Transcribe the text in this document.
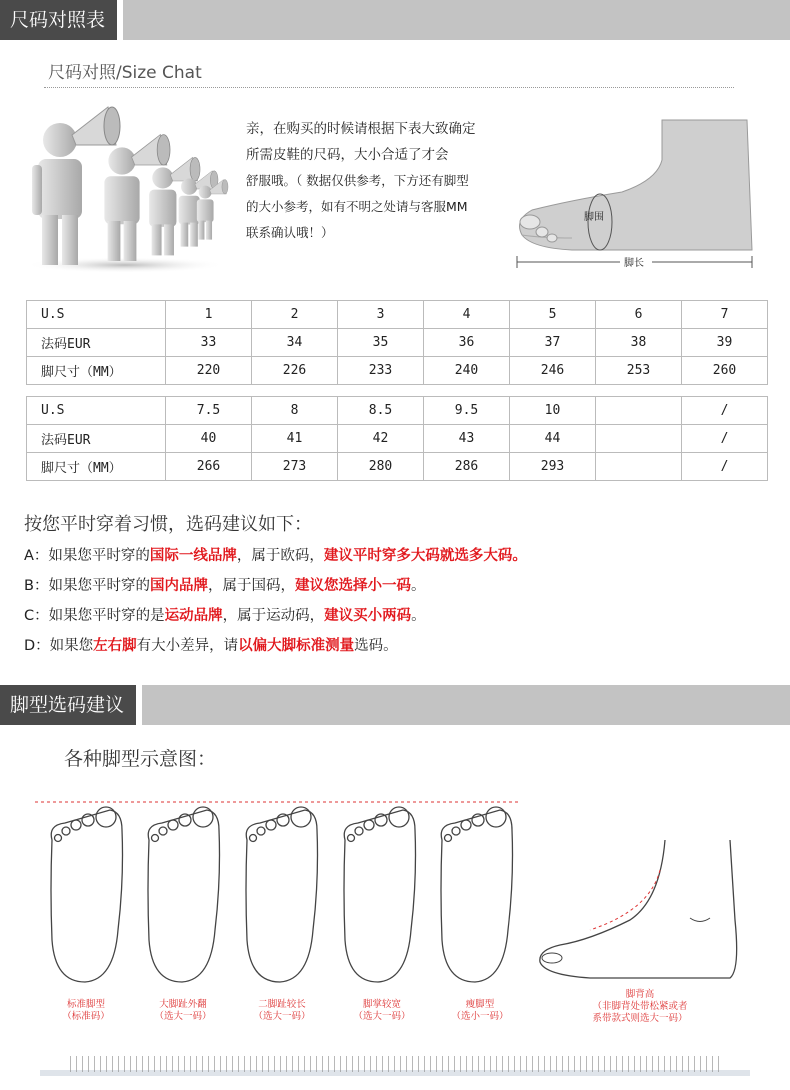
尺码对照表
尺码对照/Size Chat
亲，在购买的时候请根据下表大致确定
所需皮鞋的尺码，大小合适了才会
舒服哦。（ 数据仅供参考，下方还有脚型
的大小参考，如有不明之处请与客服MM
联系确认哦！）
脚围
脚长
U.S	1	2	3	4	5	6	7
法码EUR	33	34	35	36	37	38	39
脚尺寸（MM）	220	226	233	240	246	253	260
U.S	7.5	8	8.5	9.5	10		/
法码EUR	40	41	42	43	44		/
脚尺寸（MM）	266	273	280	286	293		/
按您平时穿着习惯，选码建议如下：
A：如果您平时穿的国际一线品牌，属于欧码，建议平时穿多大码就选多大码。
B：如果您平时穿的国内品牌，属于国码，建议您选择小一码。
C：如果您平时穿的是运动品牌，属于运动码，建议买小两码。
D：如果您左右脚有大小差异，请以偏大脚标准测量选码。
脚型选码建议
各种脚型示意图：
标准脚型
（标准码）
大脚趾外翻
（选大一码）
二脚趾较长
（选大一码）
脚掌较宽
（选大一码）
瘦脚型
（选小一码）
脚背高
（非脚背处带松紧或者
系带款式则选大一码）
